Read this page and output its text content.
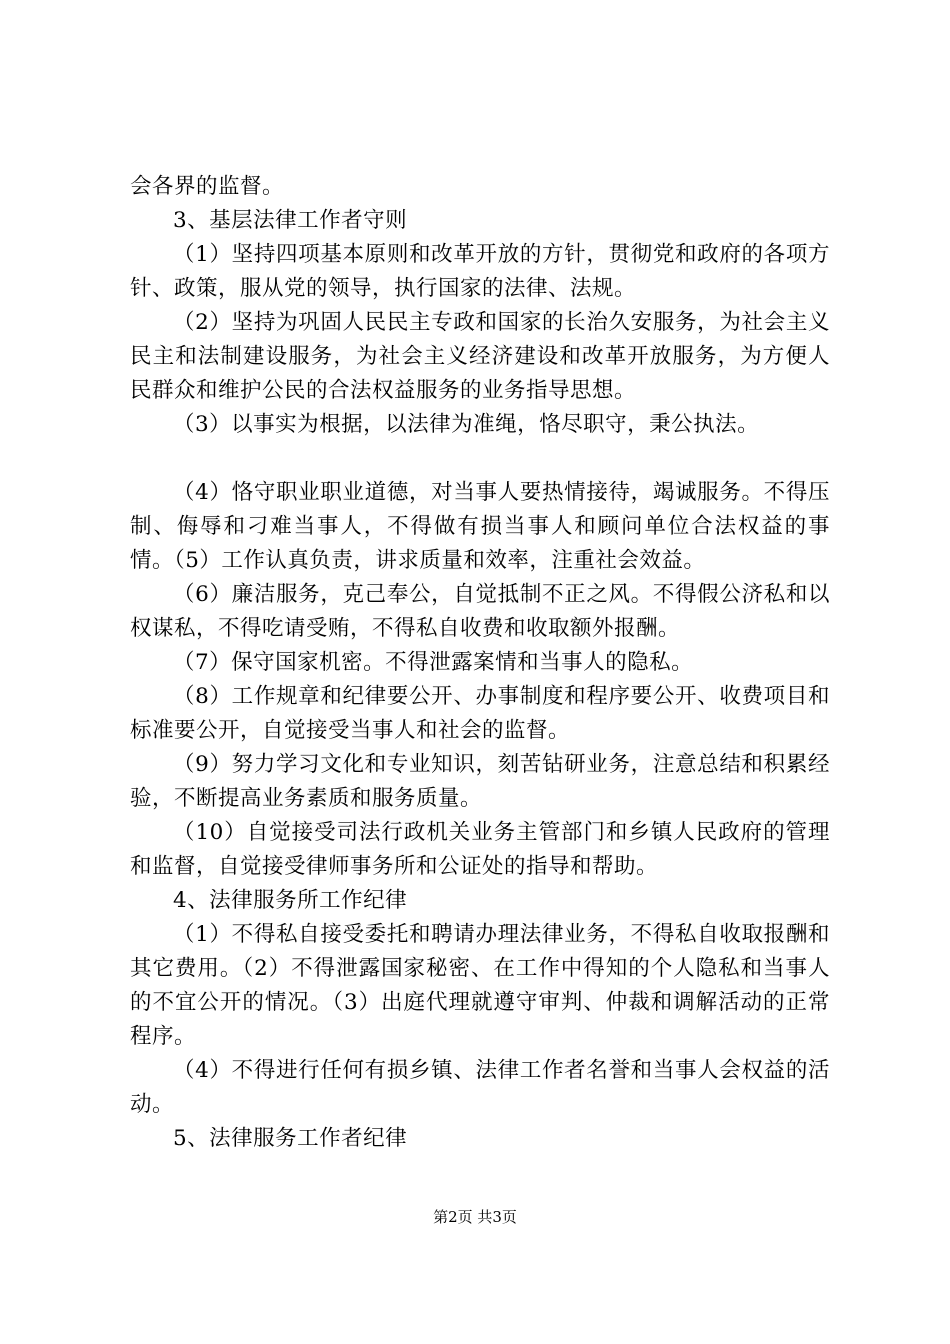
会各界的监督。

3、基层法律工作者守则

（1）坚持四项基本原则和改革开放的方针，贯彻党和政府的各项方针、政策，服从党的领导，执行国家的法律、法规。

（2）坚持为巩固人民民主专政和国家的长治久安服务，为社会主义民主和法制建设服务，为社会主义经济建设和改革开放服务，为方便人民群众和维护公民的合法权益服务的业务指导思想。

（3）以事实为根据，以法律为准绳，恪尽职守，秉公执法。

（4）恪守职业职业道德，对当事人要热情接待，竭诚服务。不得压制、侮辱和刁难当事人，不得做有损当事人和顾问单位合法权益的事情。（5）工作认真负责，讲求质量和效率，注重社会效益。

（6）廉洁服务，克己奉公，自觉抵制不正之风。不得假公济私和以权谋私，不得吃请受贿，不得私自收费和收取额外报酬。

（7）保守国家机密。不得泄露案情和当事人的隐私。

（8）工作规章和纪律要公开、办事制度和程序要公开、收费项目和标准要公开，自觉接受当事人和社会的监督。

（9）努力学习文化和专业知识，刻苦钻研业务，注意总结和积累经验，不断提高业务素质和服务质量。

（10）自觉接受司法行政机关业务主管部门和乡镇人民政府的管理和监督，自觉接受律师事务所和公证处的指导和帮助。

4、法律服务所工作纪律

（1）不得私自接受委托和聘请办理法律业务，不得私自收取报酬和其它费用。（2）不得泄露国家秘密、在工作中得知的个人隐私和当事人的不宜公开的情况。（3）出庭代理就遵守审判、仲裁和调解活动的正常程序。

（4）不得进行任何有损乡镇、法律工作者名誉和当事人会权益的活动。

5、法律服务工作者纪律

第2页 共3页
